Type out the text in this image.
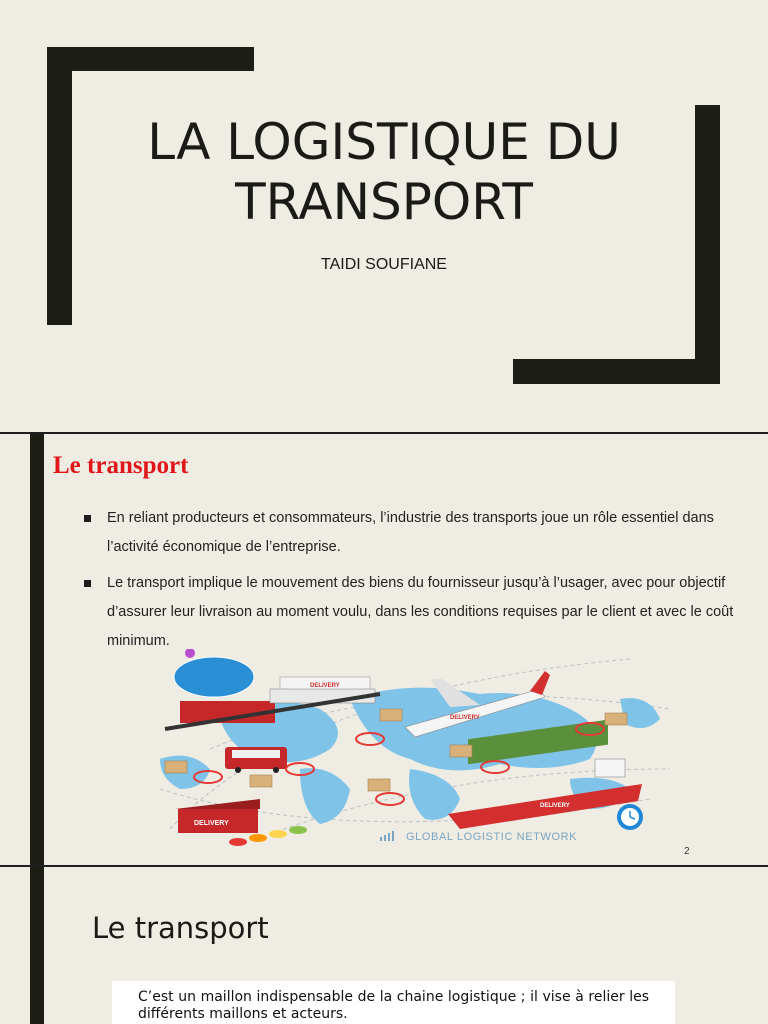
LA LOGISTIQUE DU
TRANSPORT
TAIDI SOUFIANE
Le transport
En reliant producteurs et consommateurs, l’industrie des transports joue un rôle essentiel dans l’activité économique de l’entreprise.
Le transport implique le mouvement des biens du fournisseur jusqu’à l’usager, avec pour objectif d’assurer leur livraison au moment voulu, dans les conditions requises par le client et avec le coût minimum.
DELIVERY
DELIVERY
DELIVERY
DELIVERY
GLOBAL LOGISTIC NETWORK
2
Le transport
C’est un maillon indispensable de la chaine logistique ; il vise à relier les différents maillons et acteurs.
